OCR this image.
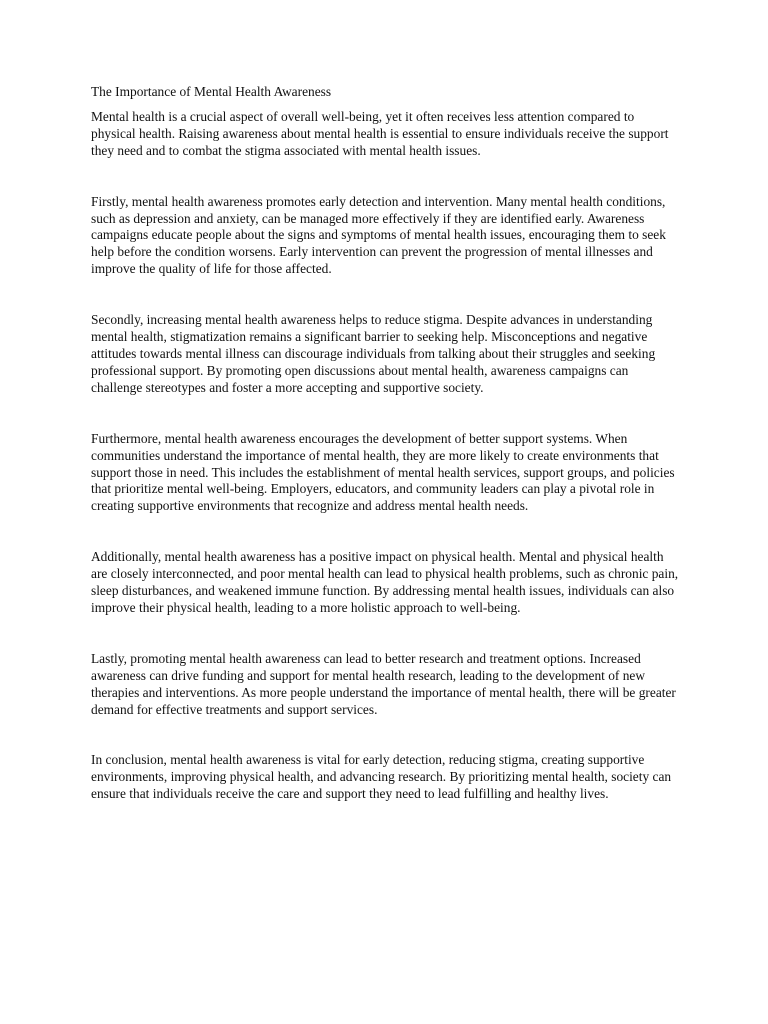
The Importance of Mental Health Awareness

Mental health is a crucial aspect of overall well-being, yet it often receives less attention compared to physical health. Raising awareness about mental health is essential to ensure individuals receive the support they need and to combat the stigma associated with mental health issues.

Firstly, mental health awareness promotes early detection and intervention. Many mental health conditions, such as depression and anxiety, can be managed more effectively if they are identified early. Awareness campaigns educate people about the signs and symptoms of mental health issues, encouraging them to seek help before the condition worsens. Early intervention can prevent the progression of mental illnesses and improve the quality of life for those affected.

Secondly, increasing mental health awareness helps to reduce stigma. Despite advances in understanding mental health, stigmatization remains a significant barrier to seeking help. Misconceptions and negative attitudes towards mental illness can discourage individuals from talking about their struggles and seeking professional support. By promoting open discussions about mental health, awareness campaigns can challenge stereotypes and foster a more accepting and supportive society.

Furthermore, mental health awareness encourages the development of better support systems. When communities understand the importance of mental health, they are more likely to create environments that support those in need. This includes the establishment of mental health services, support groups, and policies that prioritize mental well-being. Employers, educators, and community leaders can play a pivotal role in creating supportive environments that recognize and address mental health needs.

Additionally, mental health awareness has a positive impact on physical health. Mental and physical health are closely interconnected, and poor mental health can lead to physical health problems, such as chronic pain, sleep disturbances, and weakened immune function. By addressing mental health issues, individuals can also improve their physical health, leading to a more holistic approach to well-being.

Lastly, promoting mental health awareness can lead to better research and treatment options. Increased awareness can drive funding and support for mental health research, leading to the development of new therapies and interventions. As more people understand the importance of mental health, there will be greater demand for effective treatments and support services.

In conclusion, mental health awareness is vital for early detection, reducing stigma, creating supportive environments, improving physical health, and advancing research. By prioritizing mental health, society can ensure that individuals receive the care and support they need to lead fulfilling and healthy lives.
